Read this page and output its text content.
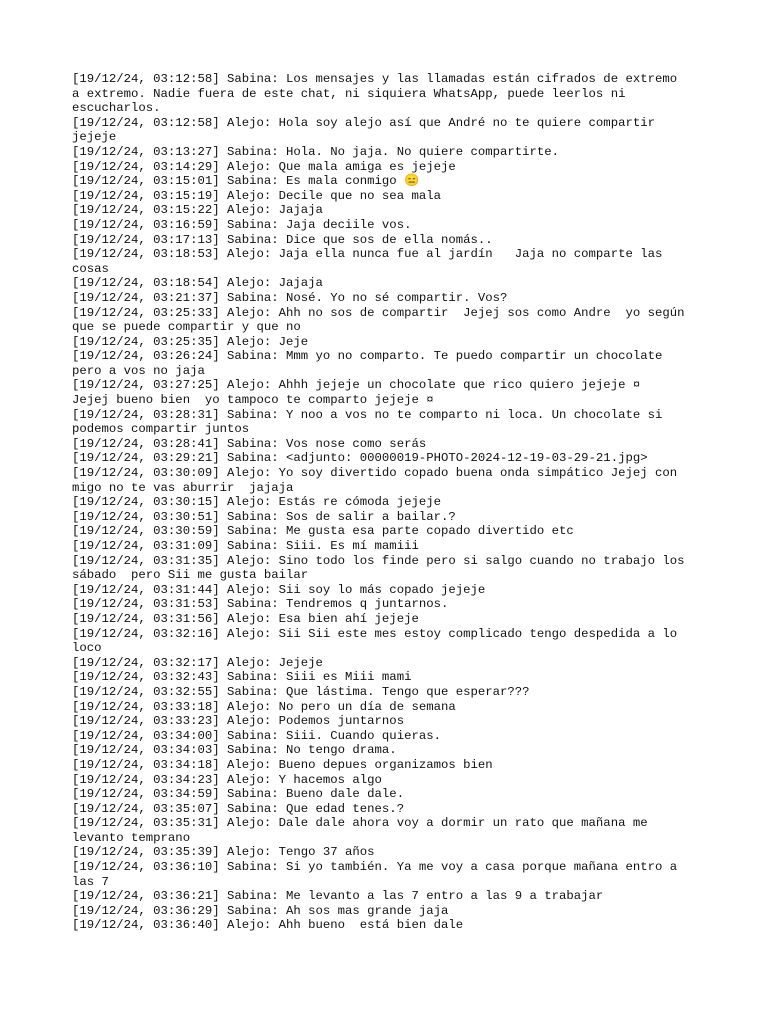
[19/12/24, 03:12:58] Sabina: Los mensajes y las llamadas están cifrados de extremo
a extremo. Nadie fuera de este chat, ni siquiera WhatsApp, puede leerlos ni
escucharlos.
[19/12/24, 03:12:58] Alejo: Hola soy alejo así que André no te quiere compartir
jejeje
[19/12/24, 03:13:27] Sabina: Hola. No jaja. No quiere compartirte.
[19/12/24, 03:14:29] Alejo: Que mala amiga es jejeje
[19/12/24, 03:15:01] Sabina: Es mala conmigo 😑
[19/12/24, 03:15:19] Alejo: Decile que no sea mala
[19/12/24, 03:15:22] Alejo: Jajaja
[19/12/24, 03:16:59] Sabina: Jaja deciile vos.
[19/12/24, 03:17:13] Sabina: Dice que sos de ella nomás..
[19/12/24, 03:18:53] Alejo: Jaja ella nunca fue al jardín   Jaja no comparte las
cosas
[19/12/24, 03:18:54] Alejo: Jajaja
[19/12/24, 03:21:37] Sabina: Nosé. Yo no sé compartir. Vos?
[19/12/24, 03:25:33] Alejo: Ahh no sos de compartir  Jejej sos como Andre  yo según
que se puede compartir y que no
[19/12/24, 03:25:35] Alejo: Jeje
[19/12/24, 03:26:24] Sabina: Mmm yo no comparto. Te puedo compartir un chocolate
pero a vos no jaja
[19/12/24, 03:27:25] Alejo: Ahhh jejeje un chocolate que rico quiero jejeje ¤
Jejej bueno bien  yo tampoco te comparto jejeje ¤
[19/12/24, 03:28:31] Sabina: Y noo a vos no te comparto ni loca. Un chocolate si
podemos compartir juntos
[19/12/24, 03:28:41] Sabina: Vos nose como serás
[19/12/24, 03:29:21] Sabina: <adjunto: 00000019-PHOTO-2024-12-19-03-29-21.jpg>
[19/12/24, 03:30:09] Alejo: Yo soy divertido copado buena onda simpático Jejej con
migo no te vas aburrir  jajaja
[19/12/24, 03:30:15] Alejo: Estás re cómoda jejeje
[19/12/24, 03:30:51] Sabina: Sos de salir a bailar.?
[19/12/24, 03:30:59] Sabina: Me gusta esa parte copado divertido etc
[19/12/24, 03:31:09] Sabina: Siii. Es mí mamiii
[19/12/24, 03:31:35] Alejo: Sino todo los finde pero si salgo cuando no trabajo los
sábado  pero Sii me gusta bailar
[19/12/24, 03:31:44] Alejo: Sii soy lo más copado jejeje
[19/12/24, 03:31:53] Sabina: Tendremos q juntarnos.
[19/12/24, 03:31:56] Alejo: Esa bien ahí jejeje
[19/12/24, 03:32:16] Alejo: Sii Sii este mes estoy complicado tengo despedida a lo
loco
[19/12/24, 03:32:17] Alejo: Jejeje
[19/12/24, 03:32:43] Sabina: Siii es Miii mami
[19/12/24, 03:32:55] Sabina: Que lástima. Tengo que esperar???
[19/12/24, 03:33:18] Alejo: No pero un día de semana
[19/12/24, 03:33:23] Alejo: Podemos juntarnos
[19/12/24, 03:34:00] Sabina: Siii. Cuando quieras.
[19/12/24, 03:34:03] Sabina: No tengo drama.
[19/12/24, 03:34:18] Alejo: Bueno depues organizamos bien
[19/12/24, 03:34:23] Alejo: Y hacemos algo
[19/12/24, 03:34:59] Sabina: Bueno dale dale.
[19/12/24, 03:35:07] Sabina: Que edad tenes.?
[19/12/24, 03:35:31] Alejo: Dale dale ahora voy a dormir un rato que mañana me
levanto temprano
[19/12/24, 03:35:39] Alejo: Tengo 37 años
[19/12/24, 03:36:10] Sabina: Si yo también. Ya me voy a casa porque mañana entro a
las 7
[19/12/24, 03:36:21] Sabina: Me levanto a las 7 entro a las 9 a trabajar
[19/12/24, 03:36:29] Sabina: Ah sos mas grande jaja
[19/12/24, 03:36:40] Alejo: Ahh bueno  está bien dale
